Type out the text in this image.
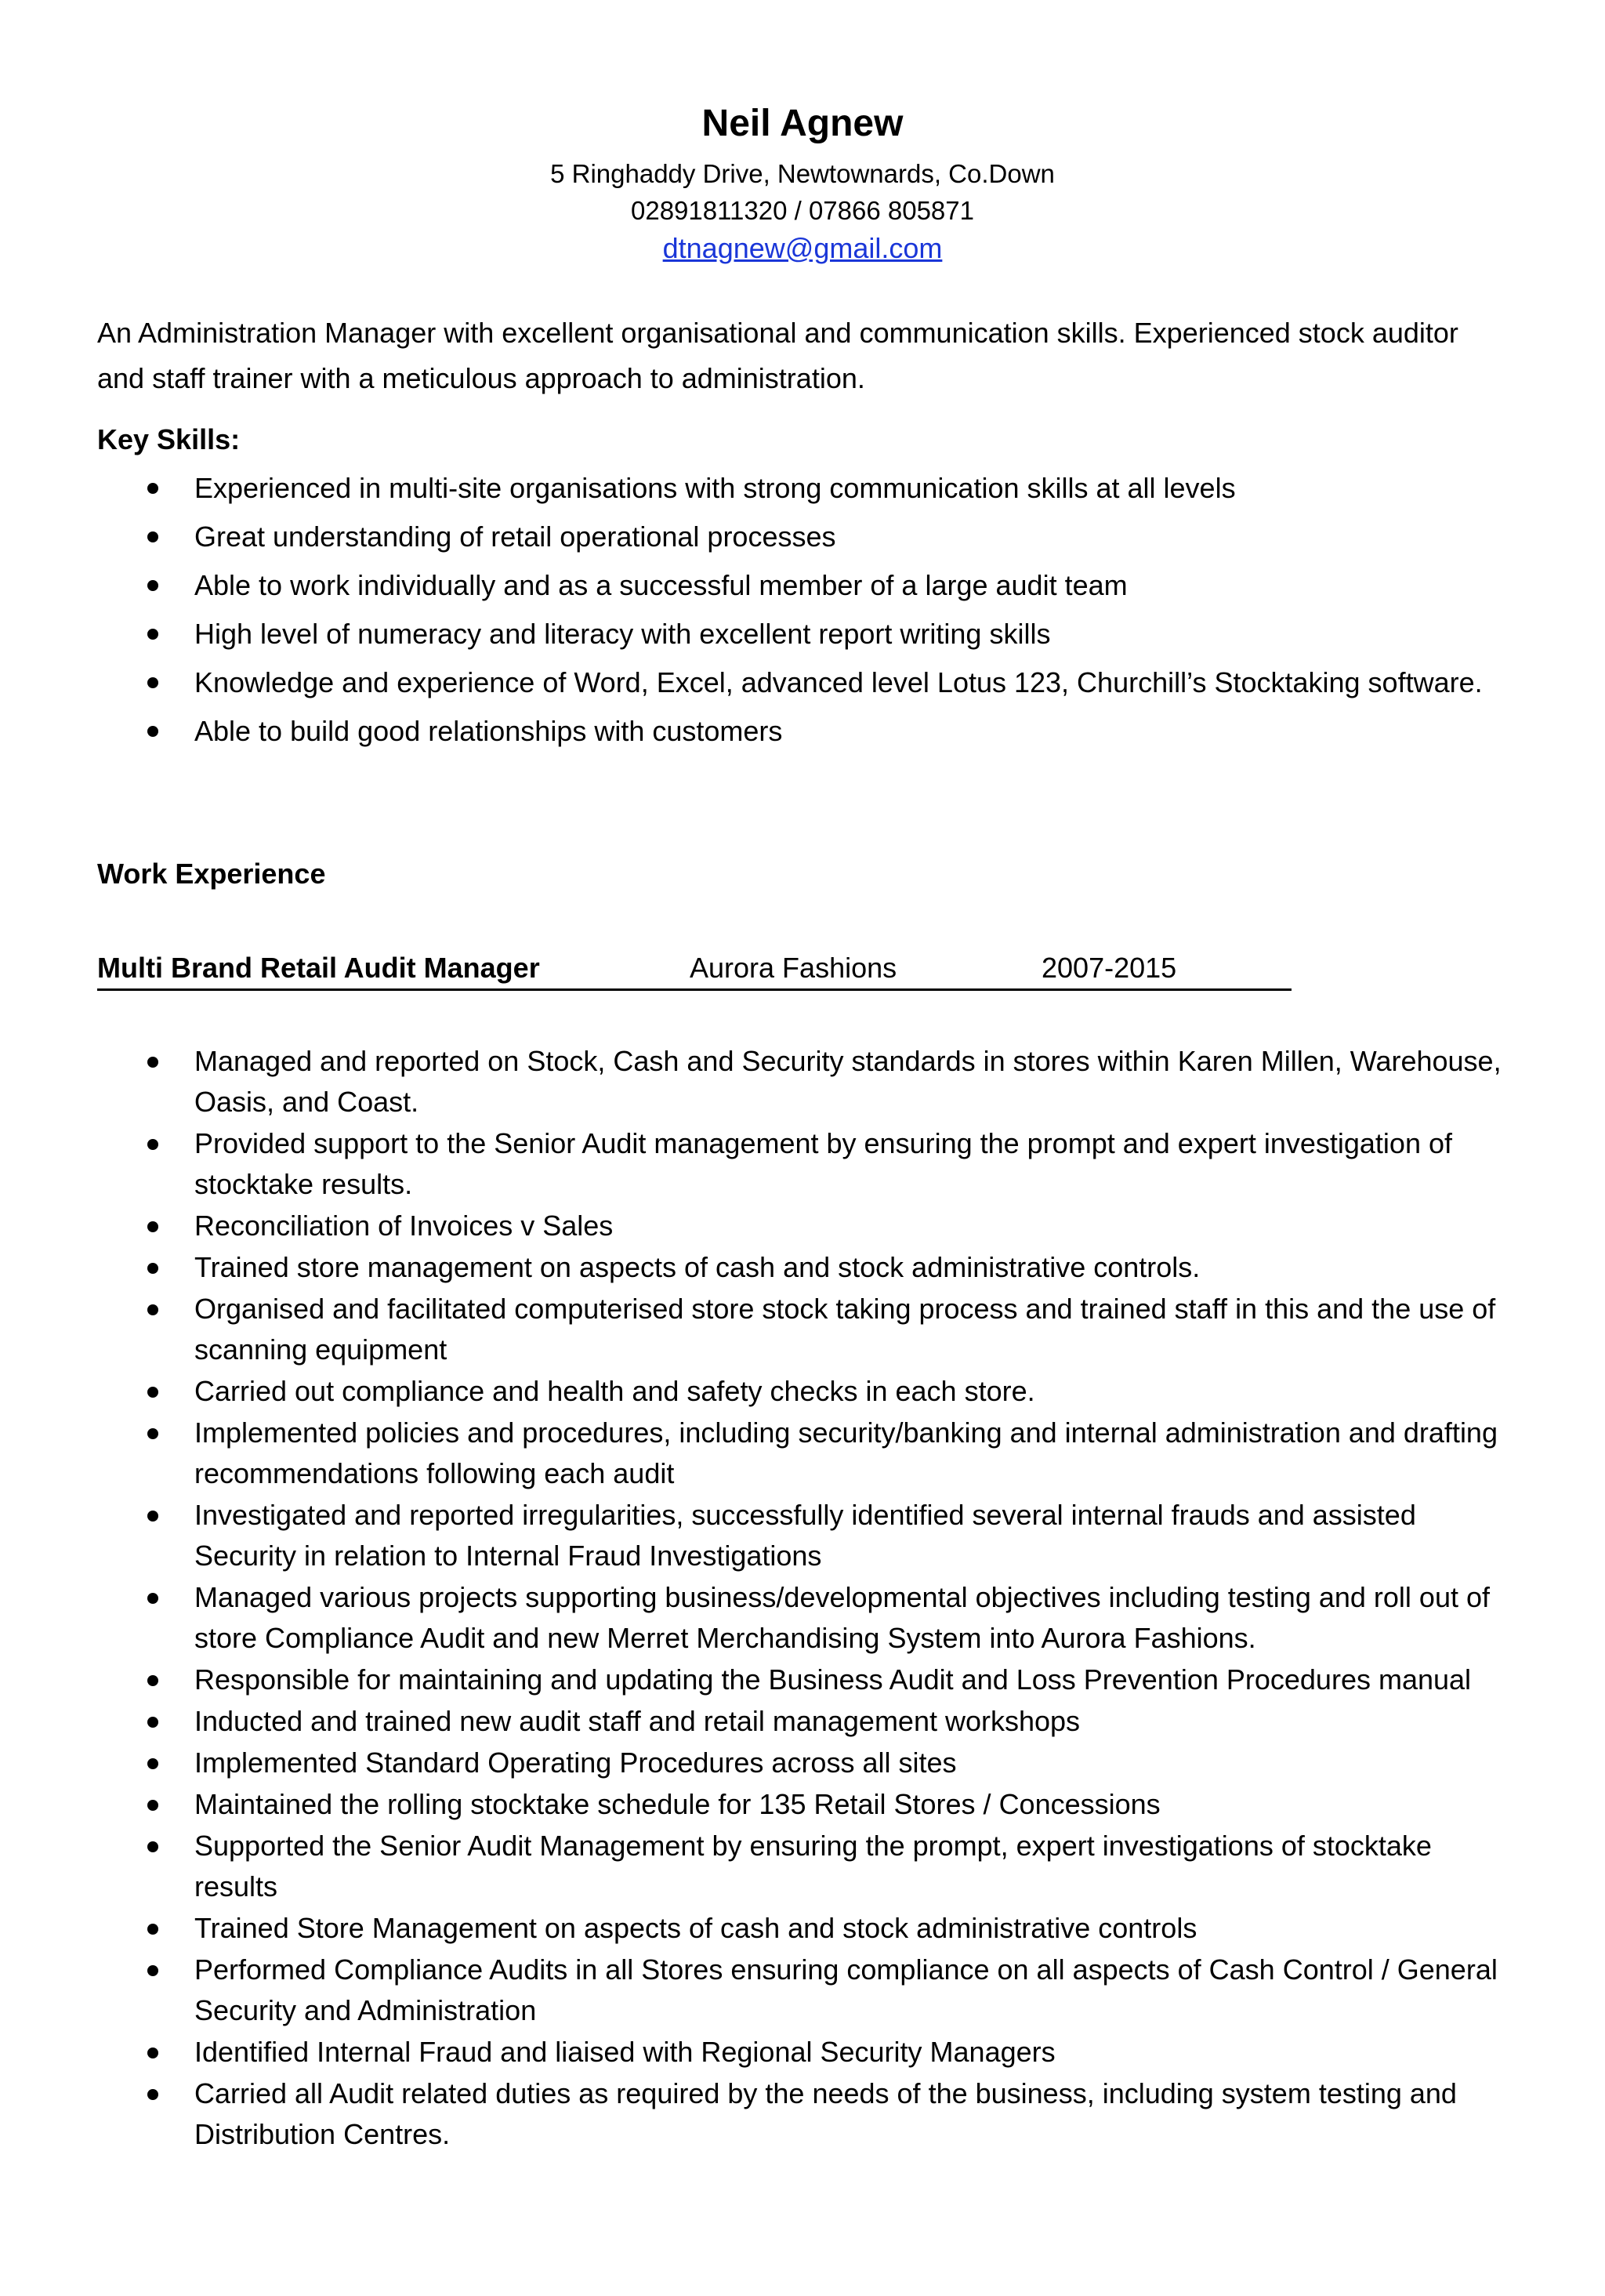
Neil Agnew

5 Ringhaddy Drive, Newtownards, Co.Down

02891811320 / 07866 805871

dtnagnew@gmail.com

An Administration Manager with excellent organisational and communication skills. Experienced stock auditor and staff trainer with a meticulous approach to administration.

Key Skills:

Experienced in multi-site organisations with strong communication skills at all levels
Great understanding of retail operational processes
Able to work individually and as a successful member of a large audit team
High level of numeracy and literacy with excellent report writing skills
Knowledge and experience of Word, Excel, advanced level Lotus 123, Churchill’s Stocktaking software.
Able to build good relationships with customers

Work Experience

Multi Brand Retail Audit Manager	Aurora Fashions	2007-2015
Managed and reported on Stock, Cash and Security standards in stores within Karen Millen, Warehouse, Oasis, and Coast.
Provided support to the Senior Audit management by ensuring the prompt and expert investigation of stocktake results.
Reconciliation of Invoices v Sales
Trained store management on aspects of cash and stock administrative controls.
Organised and facilitated computerised store stock taking process and trained staff in this and the use of scanning equipment
Carried out compliance and health and safety checks in each store.
Implemented policies and procedures, including security/banking and internal administration and drafting recommendations following each audit
Investigated and reported irregularities, successfully identified several internal frauds and assisted Security in relation to Internal Fraud Investigations
Managed various projects supporting business/developmental objectives including testing and roll out of store Compliance Audit and new Merret Merchandising System into Aurora Fashions.
Responsible for maintaining and updating the Business Audit and Loss Prevention Procedures manual
Inducted and trained new audit staff and retail management workshops
Implemented Standard Operating Procedures across all sites
Maintained the rolling stocktake schedule for 135 Retail Stores / Concessions
Supported the Senior Audit Management by ensuring the prompt, expert investigations of stocktake results
Trained Store Management on aspects of cash and stock administrative controls
Performed Compliance Audits in all Stores ensuring compliance on all aspects of Cash Control / General Security and Administration
Identified Internal Fraud and liaised with Regional Security Managers
Carried all Audit related duties as required by the needs of the business, including system testing and Distribution Centres.
